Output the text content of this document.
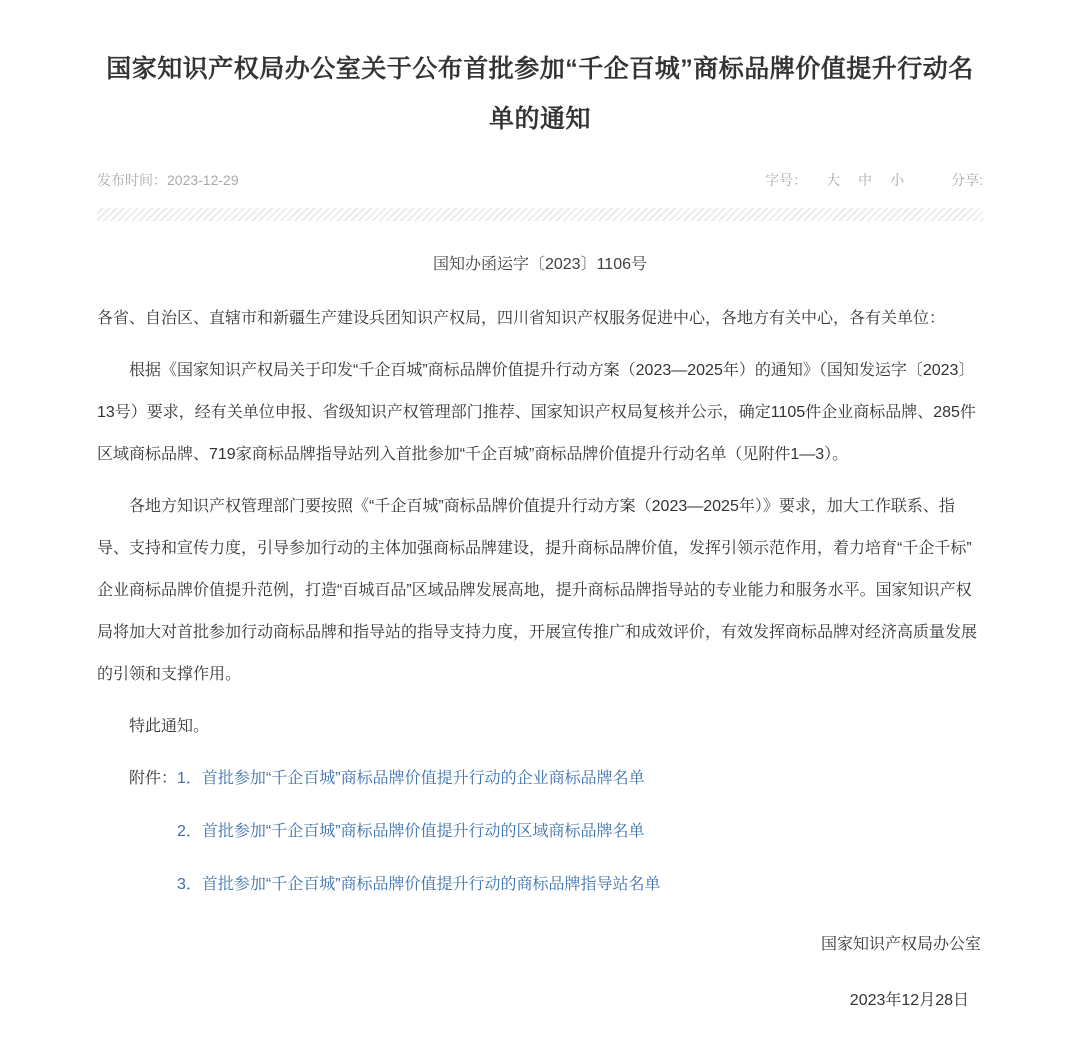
国家知识产权局办公室关于公布首批参加“千企百城”商标品牌价值提升行动名单的通知
发布时间：2023-12-29	字号： 大 中 小	分享:
国知办函运字〔2023〕1106号

各省、自治区、直辖市和新疆生产建设兵团知识产权局，四川省知识产权服务促进中心，各地方有关中心，各有关单位：

根据《国家知识产权局关于印发“千企百城”商标品牌价值提升行动方案（2023—2025年）的通知》（国知发运字〔2023〕13号）要求，经有关单位申报、省级知识产权管理部门推荐、国家知识产权局复核并公示，确定1105件企业商标品牌、285件区域商标品牌、719家商标品牌指导站列入首批参加“千企百城”商标品牌价值提升行动名单（见附件1—3）。

各地方知识产权管理部门要按照《“千企百城”商标品牌价值提升行动方案（2023—2025年）》要求，加大工作联系、指导、支持和宣传力度，引导参加行动的主体加强商标品牌建设，提升商标品牌价值，发挥引领示范作用，着力培育“千企千标”企业商标品牌价值提升范例，打造“百城百品”区域品牌发展高地，提升商标品牌指导站的专业能力和服务水平。国家知识产权局将加大对首批参加行动商标品牌和指导站的指导支持力度，开展宣传推广和成效评价，有效发挥商标品牌对经济高质量发展的引领和支撑作用。

特此通知。

附件：1．首批参加“千企百城”商标品牌价值提升行动的企业商标品牌名单
2．首批参加“千企百城”商标品牌价值提升行动的区域商标品牌名单
3．首批参加“千企百城”商标品牌价值提升行动的商标品牌指导站名单
国家知识产权局办公室
2023年12月28日
